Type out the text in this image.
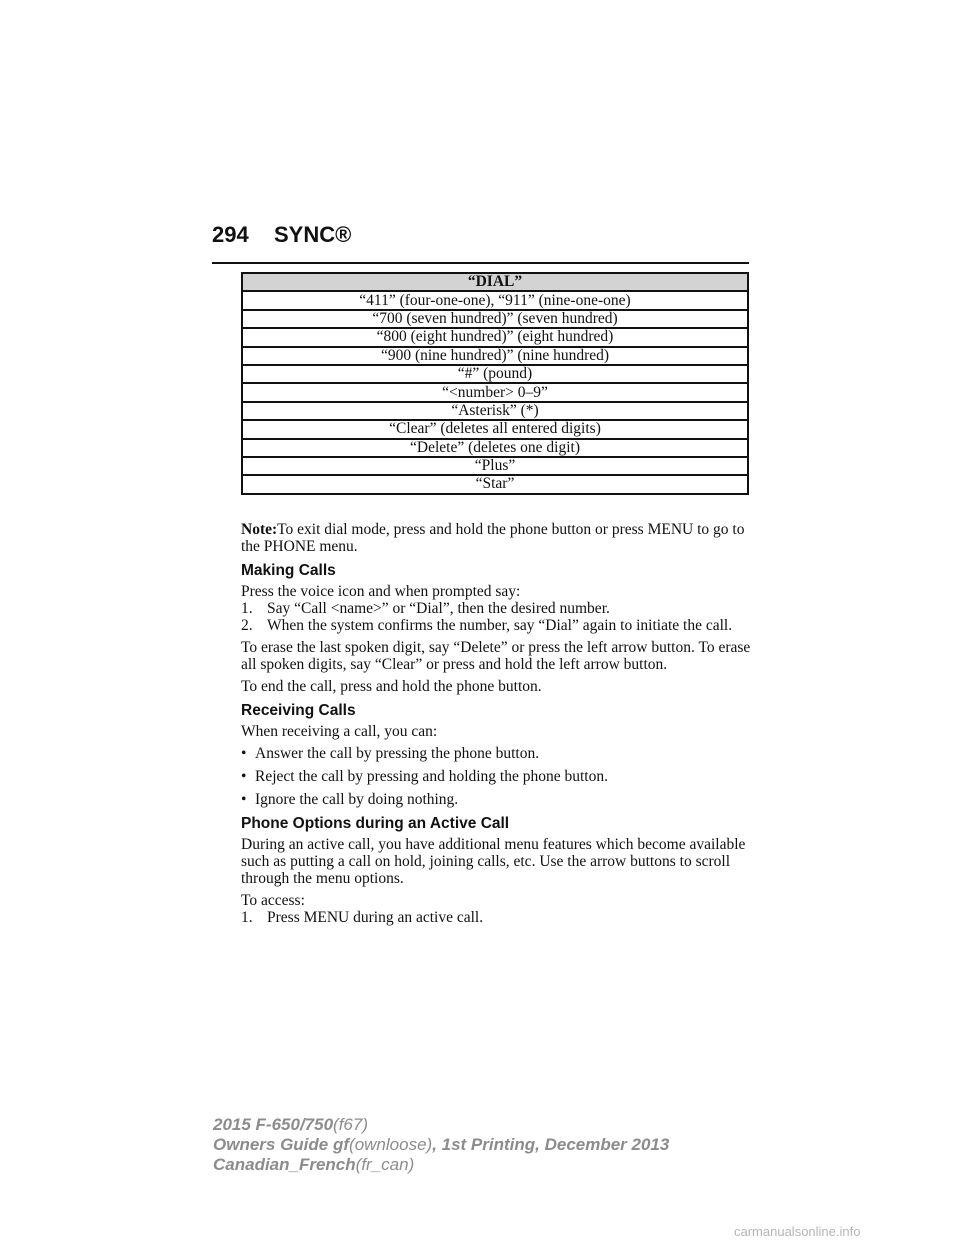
294 SYNC®
“DIAL”
“411” (four-one-one), “911” (nine-one-one)
“700 (seven hundred)” (seven hundred)
“800 (eight hundred)” (eight hundred)
“900 (nine hundred)” (nine hundred)
“#” (pound)
“<number> 0–9”
“Asterisk” (*)
“Clear” (deletes all entered digits)
“Delete” (deletes one digit)
“Plus”
“Star”

Note:To exit dial mode, press and hold the phone button or press MENU to go to the PHONE menu.

Making Calls
Press the voice icon and when prompted say:
1. Say “Call <name>” or “Dial”, then the desired number.
2. When the system confirms the number, say “Dial” again to initiate the call.

To erase the last spoken digit, say “Delete” or press the left arrow button. To erase all spoken digits, say “Clear” or press and hold the left arrow button.

To end the call, press and hold the phone button.

Receiving Calls

When receiving a call, you can:

• Answer the call by pressing the phone button.
• Reject the call by pressing and holding the phone button.
• Ignore the call by doing nothing.
Phone Options during an Active Call

During an active call, you have additional menu features which become available such as putting a call on hold, joining calls, etc. Use the arrow buttons to scroll through the menu options.

To access:
1. Press MENU during an active call.
2015 F-650/750(f67)
Owners Guide gf(ownloose), 1st Printing, December 2013
Canadian_French(fr_can)
carmanualsonline.info
